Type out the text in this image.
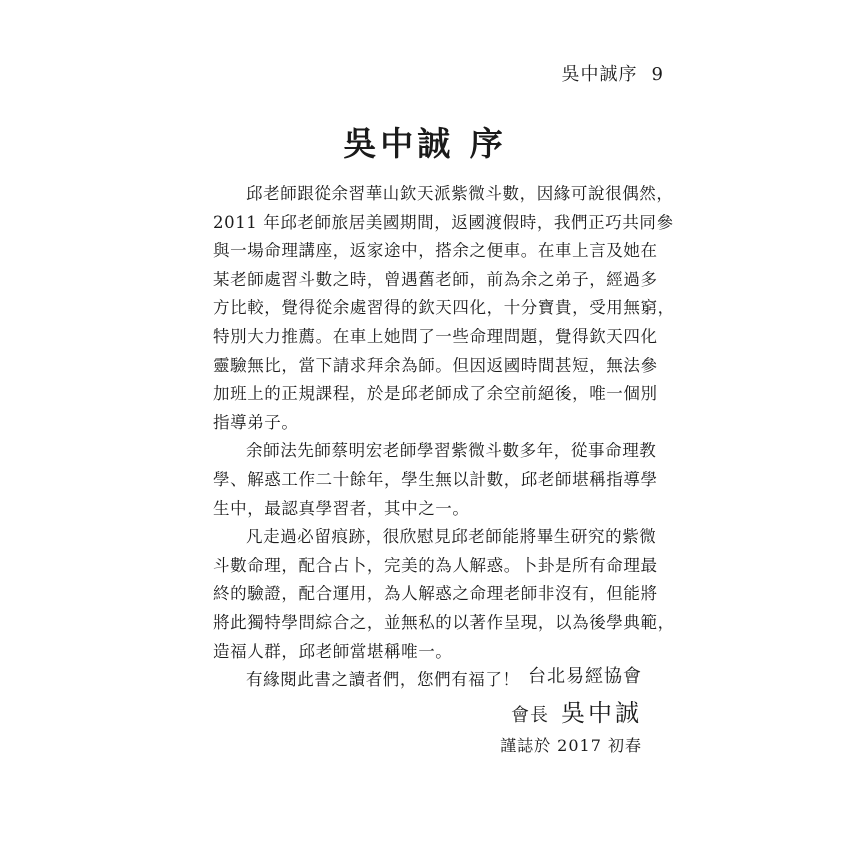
吳中誠序 9
吳中誠 序
邱老師跟從余習華山欽天派紫微斗數，因緣可說很偶然，
2011 年邱老師旅居美國期間，返國渡假時，我們正巧共同參
與一場命理講座，返家途中，搭余之便車。在車上言及她在
某老師處習斗數之時，曾遇舊老師，前為余之弟子，經過多
方比較，覺得從余處習得的欽天四化，十分寶貴，受用無窮，
特別大力推薦。在車上她問了一些命理問題，覺得欽天四化
靈驗無比，當下請求拜余為師。但因返國時間甚短，無法參
加班上的正規課程，於是邱老師成了余空前絕後，唯一個別
指導弟子。
余師法先師蔡明宏老師學習紫微斗數多年，從事命理教
學、解惑工作二十餘年，學生無以計數，邱老師堪稱指導學
生中，最認真學習者，其中之一。
凡走過必留痕跡，很欣慰見邱老師能將畢生研究的紫微
斗數命理，配合占卜，完美的為人解惑。卜卦是所有命理最
終的驗證，配合運用，為人解惑之命理老師非沒有，但能將
將此獨特學問綜合之，並無私的以著作呈現，以為後學典範，
造福人群，邱老師當堪稱唯一。
有緣閱此書之讀者們，您們有福了！ 台北易經協會
會長 吳中誠
謹誌於 2017 初春
